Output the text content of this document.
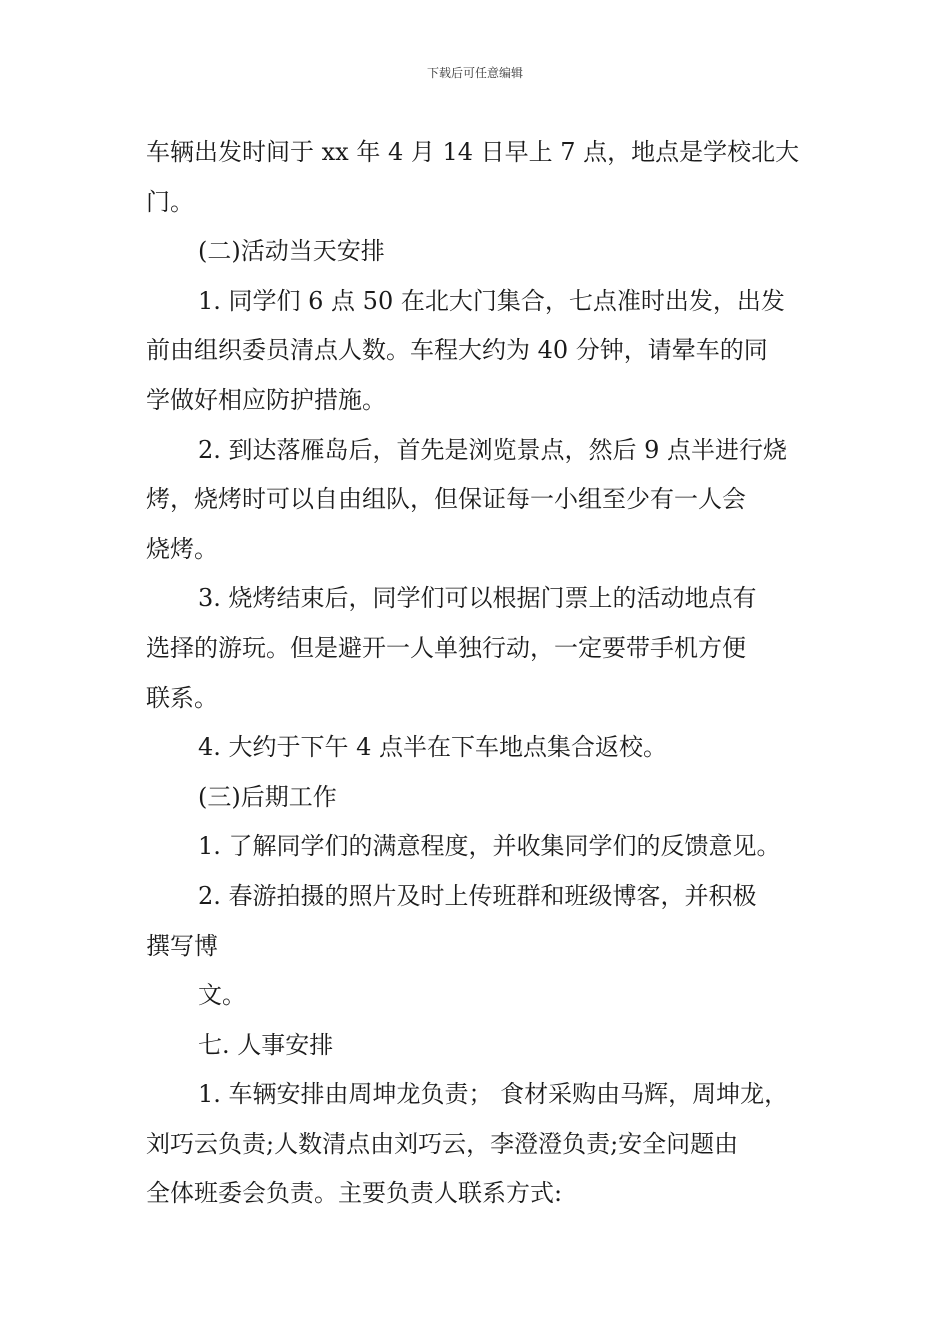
下载后可任意编辑
车辆出发时间于 xx 年 4 月 14 日早上 7 点，地点是学校北大
门。
(二)活动当天安排
1. 同学们 6 点 50 在北大门集合，七点准时出发，出发
前由组织委员清点人数。车程大约为 40 分钟，请晕车的同
学做好相应防护措施。
2. 到达落雁岛后，首先是浏览景点，然后 9 点半进行烧
烤，烧烤时可以自由组队，但保证每一小组至少有一人会
烧烤。
3. 烧烤结束后，同学们可以根据门票上的活动地点有
选择的游玩。但是避开一人单独行动，一定要带手机方便
联系。
4. 大约于下午 4 点半在下车地点集合返校。
(三)后期工作
1. 了解同学们的满意程度，并收集同学们的反馈意见。
2. 春游拍摄的照片及时上传班群和班级博客，并积极
撰写博
文。
七. 人事安排
1. 车辆安排由周坤龙负责； 食材采购由马辉，周坤龙，
刘巧云负责;人数清点由刘巧云，李澄澄负责;安全问题由
全体班委会负责。主要负责人联系方式:
